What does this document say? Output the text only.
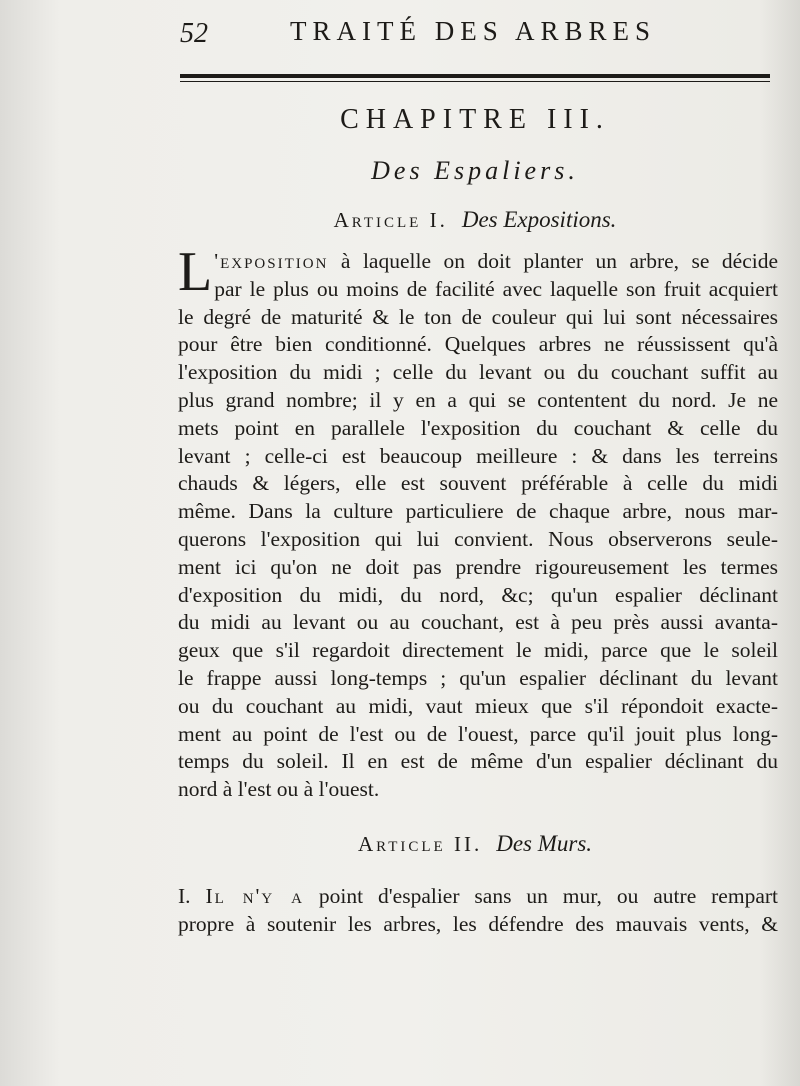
52	TRAITÉ DES ARBRES
CHAPITRE III.
Des Espaliers.
Article I. Des Expositions.
L 'exposition à laquelle on doit planter un arbre, se décide
par le plus ou moins de facilité avec laquelle son fruit acquiert
le degré de maturité & le ton de couleur qui lui sont nécessaires
pour être bien conditionné. Quelques arbres ne réussissent qu'à
l'exposition du midi ; celle du levant ou du couchant suffit au
plus grand nombre; il y en a qui se contentent du nord. Je ne
mets point en parallele l'exposition du couchant & celle du
levant ; celle-ci est beaucoup meilleure : & dans les terreins
chauds & légers, elle est souvent préférable à celle du midi
même. Dans la culture particuliere de chaque arbre, nous mar-
querons l'exposition qui lui convient. Nous observerons seule-
ment ici qu'on ne doit pas prendre rigoureusement les termes
d'exposition du midi, du nord, &c; qu'un espalier déclinant
du midi au levant ou au couchant, est à peu près aussi avanta-
geux que s'il regardoit directement le midi, parce que le soleil
le frappe aussi long-temps ; qu'un espalier déclinant du levant
ou du couchant au midi, vaut mieux que s'il répondoit exacte-
ment au point de l'est ou de l'ouest, parce qu'il jouit plus long-
temps du soleil. Il en est de même d'un espalier déclinant du
nord à l'est ou à l'ouest.
Article II. Des Murs.
I. Il n'y a point d'espalier sans un mur, ou autre rempart
propre à soutenir les arbres, les défendre des mauvais vents, &
